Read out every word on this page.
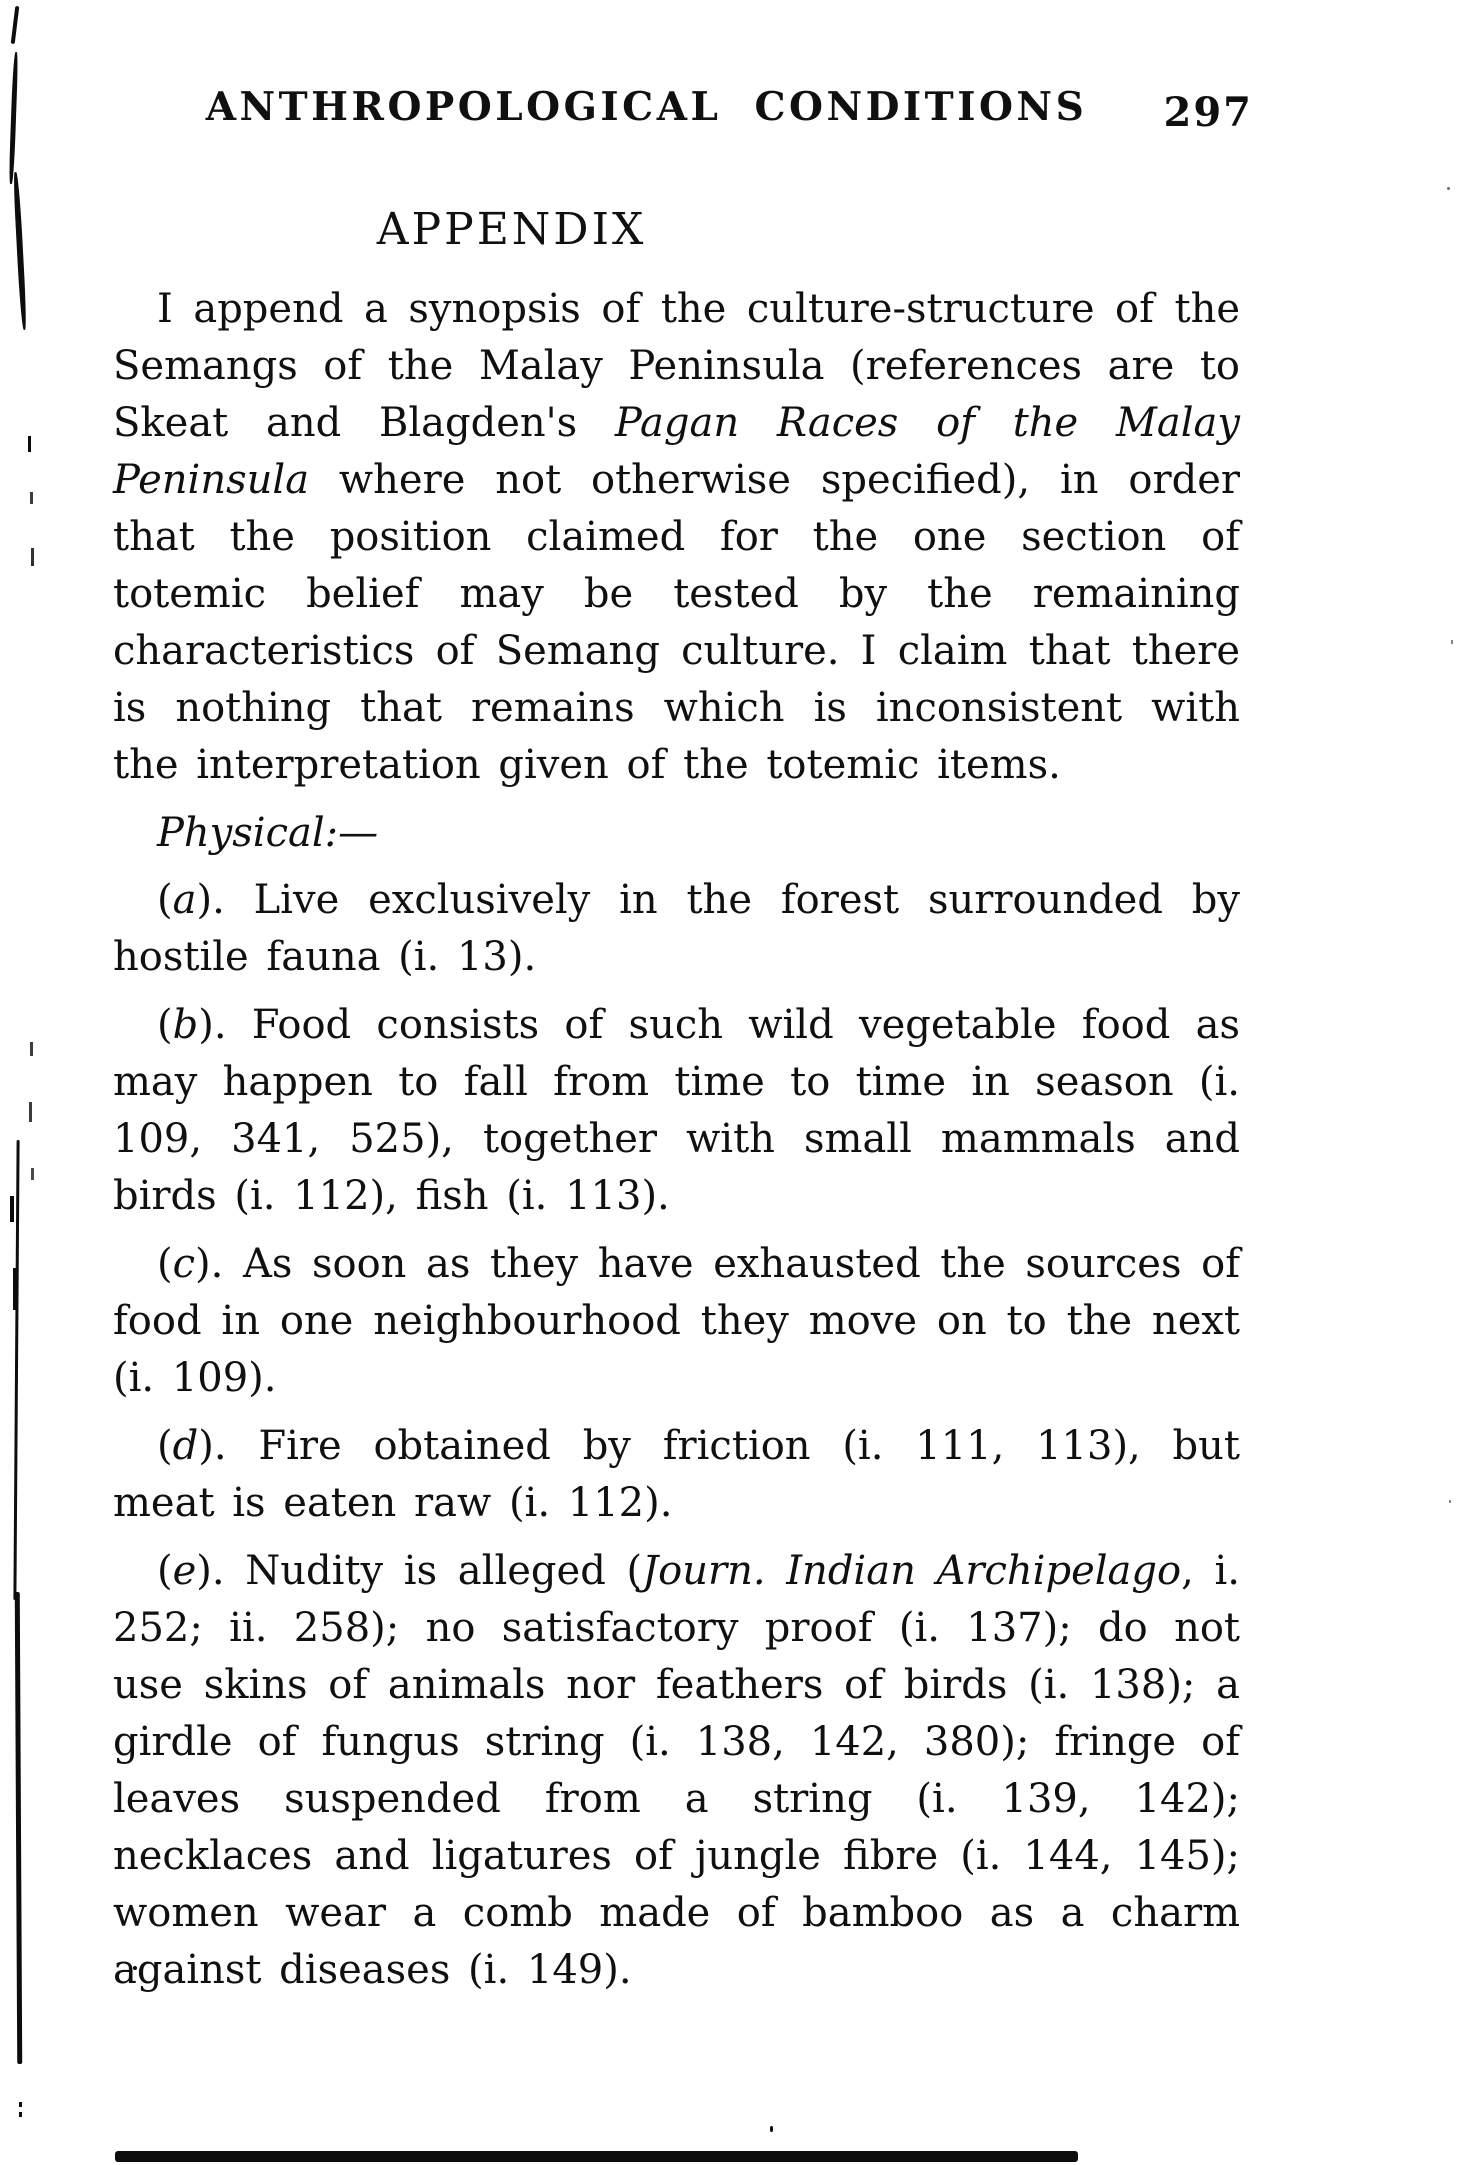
ANTHROPOLOGICAL CONDITIONS	297
APPENDIX

I append a synopsis of the culture-structure of the Semangs of the Malay Peninsula (references are to Skeat and Blagden's Pagan Races of the Malay Peninsula where not otherwise specified), in order that the position claimed for the one section of totemic belief may be tested by the remaining characteristics of Semang culture. I claim that there is nothing that remains which is inconsistent with the interpretation given of the totemic items.

Physical:—

(a). Live exclusively in the forest surrounded by hostile fauna (i. 13).

(b). Food consists of such wild vegetable food as may happen to fall from time to time in season (i. 109, 341, 525), together with small mammals and birds (i. 112), fish (i. 113).

(c). As soon as they have exhausted the sources of food in one neighbourhood they move on to the next (i. 109).

(d). Fire obtained by friction (i. 111, 113), but meat is eaten raw (i. 112).

(e). Nudity is alleged (Journ. Indian Archipelago, i. 252; ii. 258); no satisfactory proof (i. 137); do not use skins of animals nor feathers of birds (i. 138); a girdle of fungus string (i. 138, 142, 380); fringe of leaves suspended from a string (i. 139, 142); necklaces and ligatures of jungle fibre (i. 144, 145); women wear a comb made of bamboo as a charm against diseases (i. 149).
